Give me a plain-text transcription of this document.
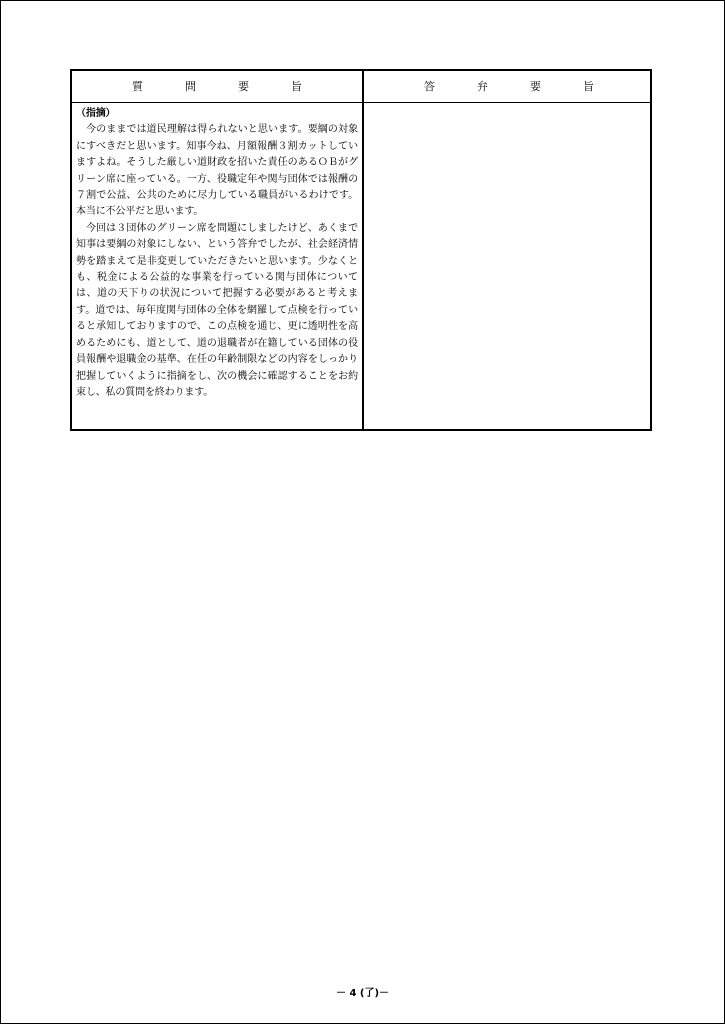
質	問	要	旨	答	弁	要	旨
（指摘）

今のままでは道民理解は得られないと思います。要綱の対象にすべきだと思います。知事今ね、月額報酬３割カットしていますよね。そうした厳しい道財政を招いた責任のあるＯＢがグリーン席に座っている。一方、役職定年や関与団体では報酬の７割で公益、公共のために尽力している職員がいるわけです。本当に不公平だと思います。

今回は３団体のグリーン席を問題にしましたけど、あくまで知事は要綱の対象にしない、という答弁でしたが、社会経済情勢を踏まえて是非変更していただきたいと思います。少なくとも、税金による公益的な事業を行っている関与団体については、道の天下りの状況について把握する必要があると考えます。道では、毎年度関与団体の全体を網羅して点検を行っていると承知しておりますので、この点検を通じ、更に透明性を高めるためにも、道として、道の退職者が在籍している団体の役員報酬や退職金の基準、在任の年齢制限などの内容をしっかり把握していくように指摘をし、次の機会に確認することをお約束し、私の質問を終わります。

－ 4 (了)－
